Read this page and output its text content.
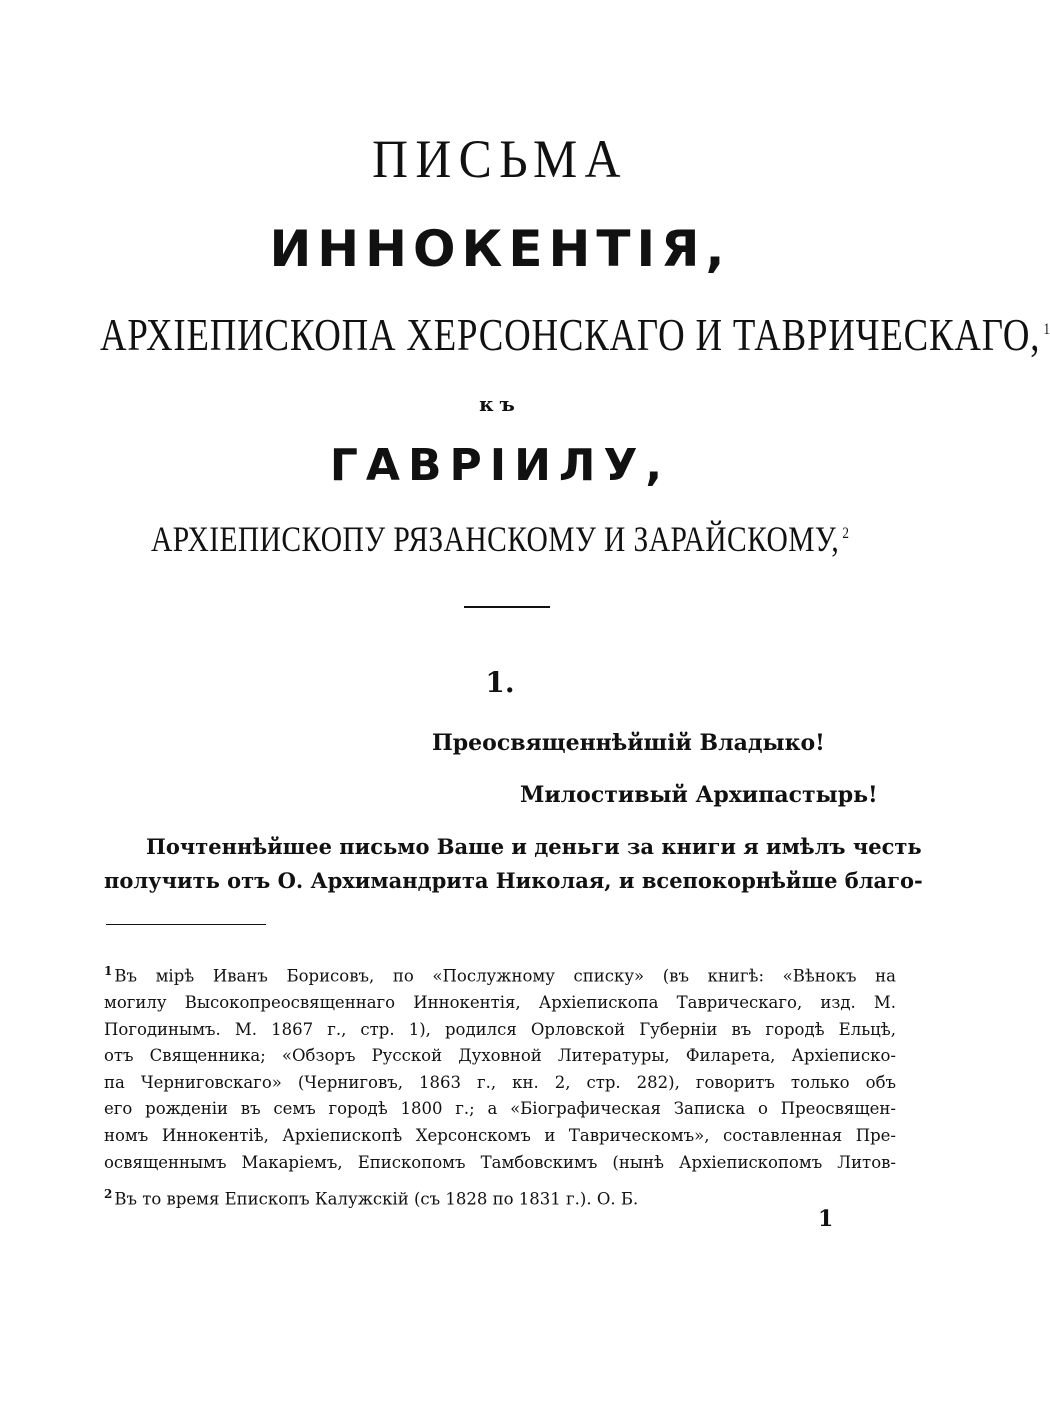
ПИСЬМА
ИННОКЕНТІЯ,
АРХІЕПИСКОПА ХЕРСОНСКАГО И ТАВРИЧЕСКАГО, $^1$
къ
ГАВРІИЛУ,
АРХІЕПИСКОПУ РЯЗАНСКОМУ И ЗАРАЙСКОМУ, $^2$
1.
Преосвященнѣйшій Владыко!
Милостивый Архипастырь!
Почтеннѣйшее письмо Ваше и деньги за книги я имѣлъ честь
получить отъ О. Архимандрита Николая, и всепокорнѣйше благо-
$^1$ Въ мірѣ Иванъ Борисовъ, по «Послужному списку» (въ книгѣ: «Вѣнокъ на
могилу Высокопреосвященнаго Иннокентія, Архіепископа Таврическаго, изд. М.
Погодинымъ. М. 1867 г., стр. 1), родился Орловской Губерніи въ городѣ Ельцѣ,
отъ Священника; «Обзоръ Русской Духовной Литературы, Филарета, Архіеписко-
па Черниговскаго» (Черниговъ, 1863 г., кн. 2, стр. 282), говоритъ только объ
его рожденіи въ семъ городѣ 1800 г.; а «Біографическая Записка о Преосвящен-
номъ Иннокентіѣ, Архіепископѣ Херсонскомъ и Таврическомъ», составленная Пре-
освященнымъ Макаріемъ, Епископомъ Тамбовскимъ (нынѣ Архіепископомъ Литов-
$^2$ Въ то время Епископъ Калужскій (съ 1828 по 1831 г.). О. Б.
1
